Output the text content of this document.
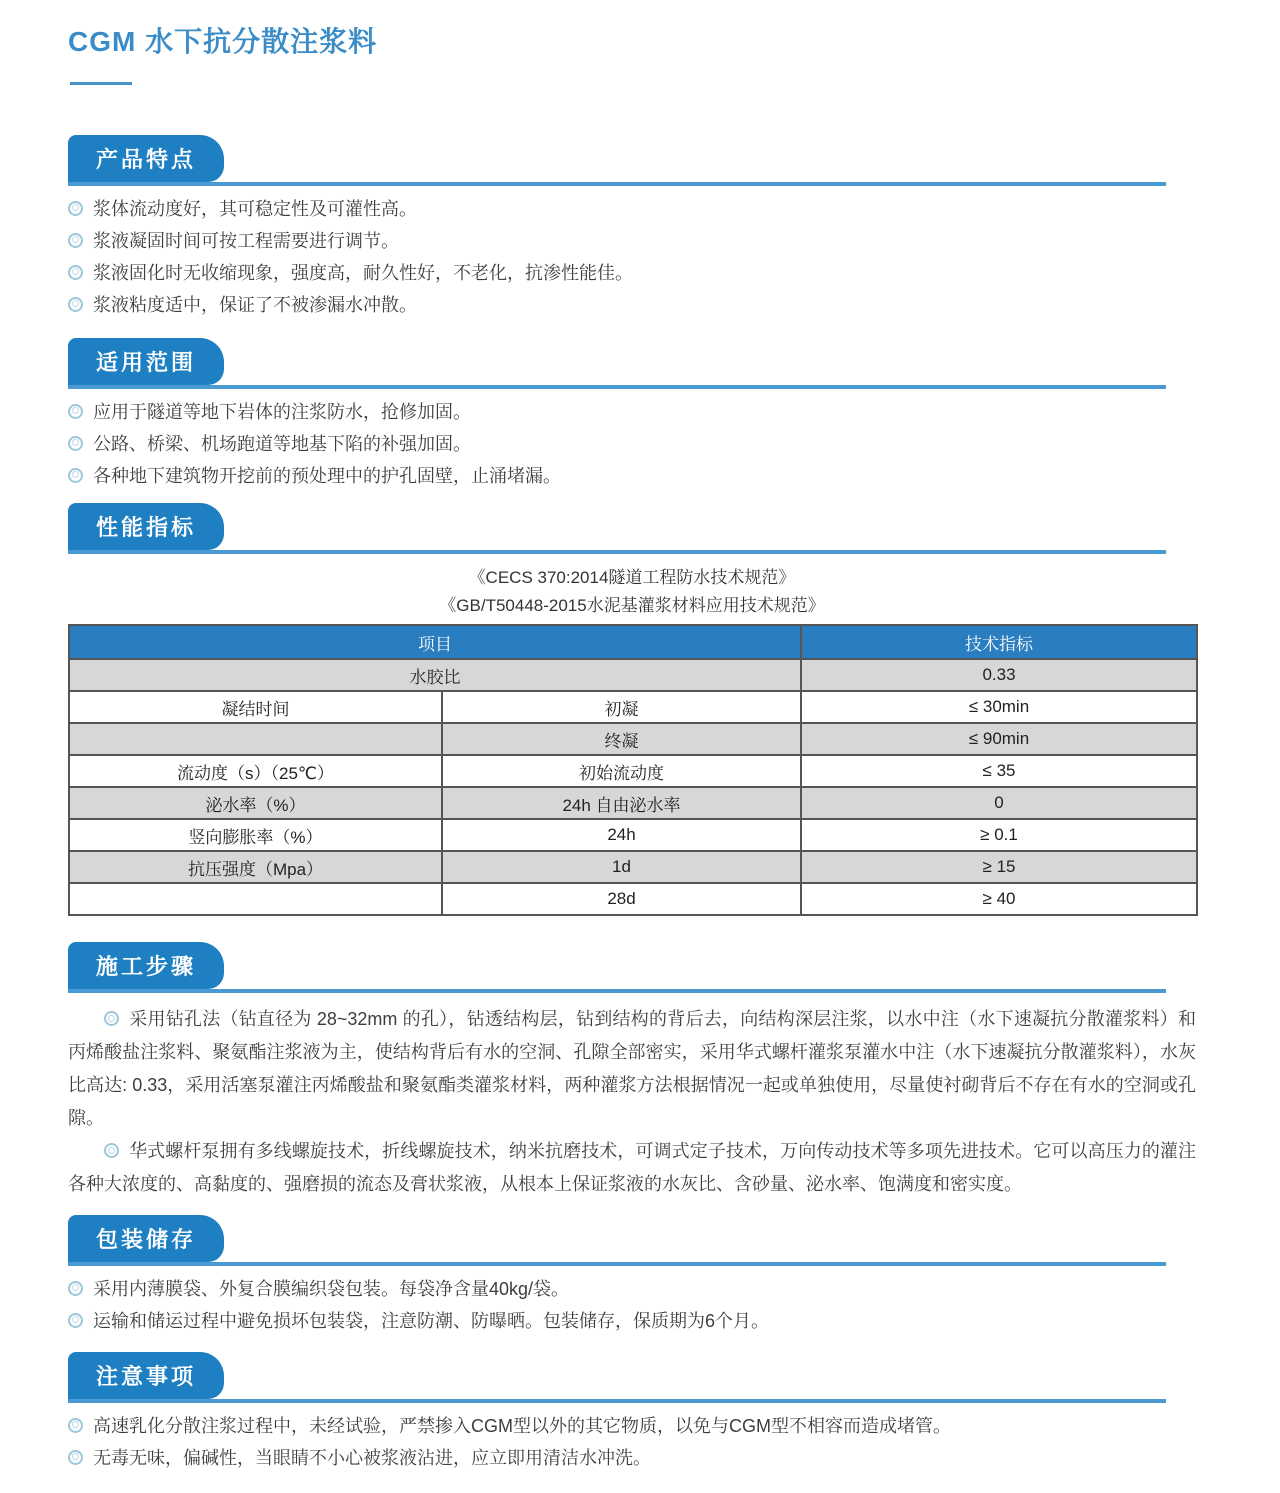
CGM 水下抗分散注浆料
产品特点
浆体流动度好，其可稳定性及可灌性高。
浆液凝固时间可按工程需要进行调节。
浆液固化时无收缩现象，强度高，耐久性好，不老化，抗渗性能佳。
浆液粘度适中，保证了不被渗漏水冲散。
适用范围
应用于隧道等地下岩体的注浆防水，抢修加固。
公路、桥梁、机场跑道等地基下陷的补强加固。
各种地下建筑物开挖前的预处理中的护孔固壁，止涌堵漏。
性能指标

《CECS 370:2014隧道工程防水技术规范》

《GB/T50448-2015水泥基灌浆材料应用技术规范》

项目		技术指标
水胶比		0.33
凝结时间	初凝	≤ 30min
	终凝	≤ 90min
流动度（s）（25℃）	初始流动度	≤ 35
泌水率（%）	24h 自由泌水率	0
竖向膨胀率（%）	24h	≥ 0.1
抗压强度（Mpa）	1d	≥ 15
	28d	≥ 40
施工步骤

采用钻孔法（钻直径为 28~32mm 的孔），钻透结构层，钻到结构的背后去，向结构深层注浆，以水中注（水下速凝抗分散灌浆料）和丙烯酸盐注浆料、聚氨酯注浆液为主，使结构背后有水的空洞、孔隙全部密实，采用华式螺杆灌浆泵灌水中注（水下速凝抗分散灌浆料），水灰比高达: 0.33，采用活塞泵灌注丙烯酸盐和聚氨酯类灌浆材料，两种灌浆方法根据情况一起或单独使用，尽量使衬砌背后不存在有水的空洞或孔隙。

华式螺杆泵拥有多线螺旋技术，折线螺旋技术，纳米抗磨技术，可调式定子技术，万向传动技术等多项先进技术。它可以高压力的灌注各种大浓度的、高黏度的、强磨损的流态及膏状浆液，从根本上保证浆液的水灰比、含砂量、泌水率、饱满度和密实度。

包装储存
采用内薄膜袋、外复合膜编织袋包装。每袋净含量40kg/袋。
运输和储运过程中避免损坏包装袋，注意防潮、防曝晒。包装储存，保质期为6个月。
注意事项
高速乳化分散注浆过程中，未经试验，严禁掺入CGM型以外的其它物质，以免与CGM型不相容而造成堵管。
无毒无味，偏碱性，当眼睛不小心被浆液沾进，应立即用清洁水冲洗。
